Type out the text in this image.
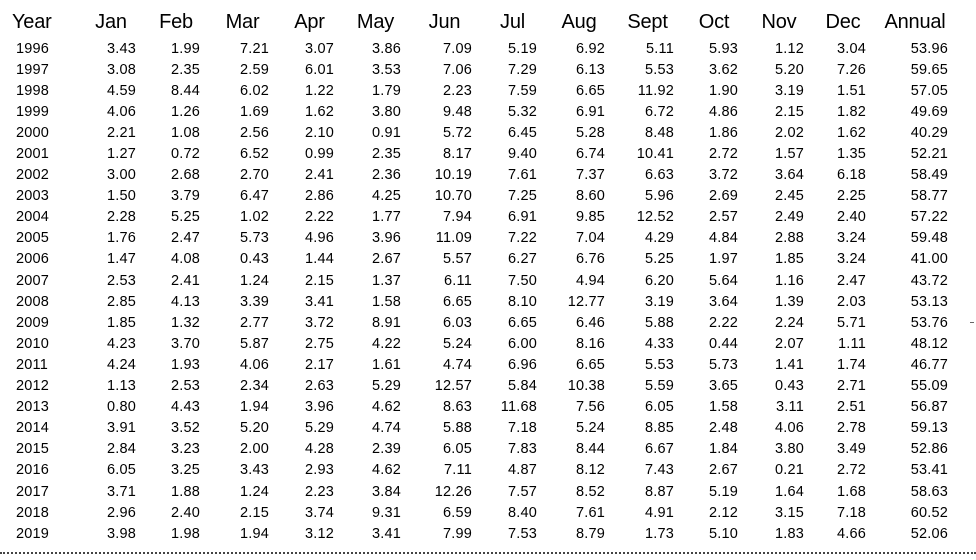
Year	Jan	Feb	Mar	Apr	May	Jun	Jul	Aug	Sept	Oct	Nov	Dec	Annual
1996	3.43	1.99	7.21	3.07	3.86	7.09	5.19	6.92	5.11	5.93	1.12	3.04	53.96
1997	3.08	2.35	2.59	6.01	3.53	7.06	7.29	6.13	5.53	3.62	5.20	7.26	59.65
1998	4.59	8.44	6.02	1.22	1.79	2.23	7.59	6.65	11.92	1.90	3.19	1.51	57.05
1999	4.06	1.26	1.69	1.62	3.80	9.48	5.32	6.91	6.72	4.86	2.15	1.82	49.69
2000	2.21	1.08	2.56	2.10	0.91	5.72	6.45	5.28	8.48	1.86	2.02	1.62	40.29
2001	1.27	0.72	6.52	0.99	2.35	8.17	9.40	6.74	10.41	2.72	1.57	1.35	52.21
2002	3.00	2.68	2.70	2.41	2.36	10.19	7.61	7.37	6.63	3.72	3.64	6.18	58.49
2003	1.50	3.79	6.47	2.86	4.25	10.70	7.25	8.60	5.96	2.69	2.45	2.25	58.77
2004	2.28	5.25	1.02	2.22	1.77	7.94	6.91	9.85	12.52	2.57	2.49	2.40	57.22
2005	1.76	2.47	5.73	4.96	3.96	11.09	7.22	7.04	4.29	4.84	2.88	3.24	59.48
2006	1.47	4.08	0.43	1.44	2.67	5.57	6.27	6.76	5.25	1.97	1.85	3.24	41.00
2007	2.53	2.41	1.24	2.15	1.37	6.11	7.50	4.94	6.20	5.64	1.16	2.47	43.72
2008	2.85	4.13	3.39	3.41	1.58	6.65	8.10	12.77	3.19	3.64	1.39	2.03	53.13
2009	1.85	1.32	2.77	3.72	8.91	6.03	6.65	6.46	5.88	2.22	2.24	5.71	53.76
2010	4.23	3.70	5.87	2.75	4.22	5.24	6.00	8.16	4.33	0.44	2.07	1.11	48.12
2011	4.24	1.93	4.06	2.17	1.61	4.74	6.96	6.65	5.53	5.73	1.41	1.74	46.77
2012	1.13	2.53	2.34	2.63	5.29	12.57	5.84	10.38	5.59	3.65	0.43	2.71	55.09
2013	0.80	4.43	1.94	3.96	4.62	8.63	11.68	7.56	6.05	1.58	3.11	2.51	56.87
2014	3.91	3.52	5.20	5.29	4.74	5.88	7.18	5.24	8.85	2.48	4.06	2.78	59.13
2015	2.84	3.23	2.00	4.28	2.39	6.05	7.83	8.44	6.67	1.84	3.80	3.49	52.86
2016	6.05	3.25	3.43	2.93	4.62	7.11	4.87	8.12	7.43	2.67	0.21	2.72	53.41
2017	3.71	1.88	1.24	2.23	3.84	12.26	7.57	8.52	8.87	5.19	1.64	1.68	58.63
2018	2.96	2.40	2.15	3.74	9.31	6.59	8.40	7.61	4.91	2.12	3.15	7.18	60.52
2019	3.98	1.98	1.94	3.12	3.41	7.99	7.53	8.79	1.73	5.10	1.83	4.66	52.06
